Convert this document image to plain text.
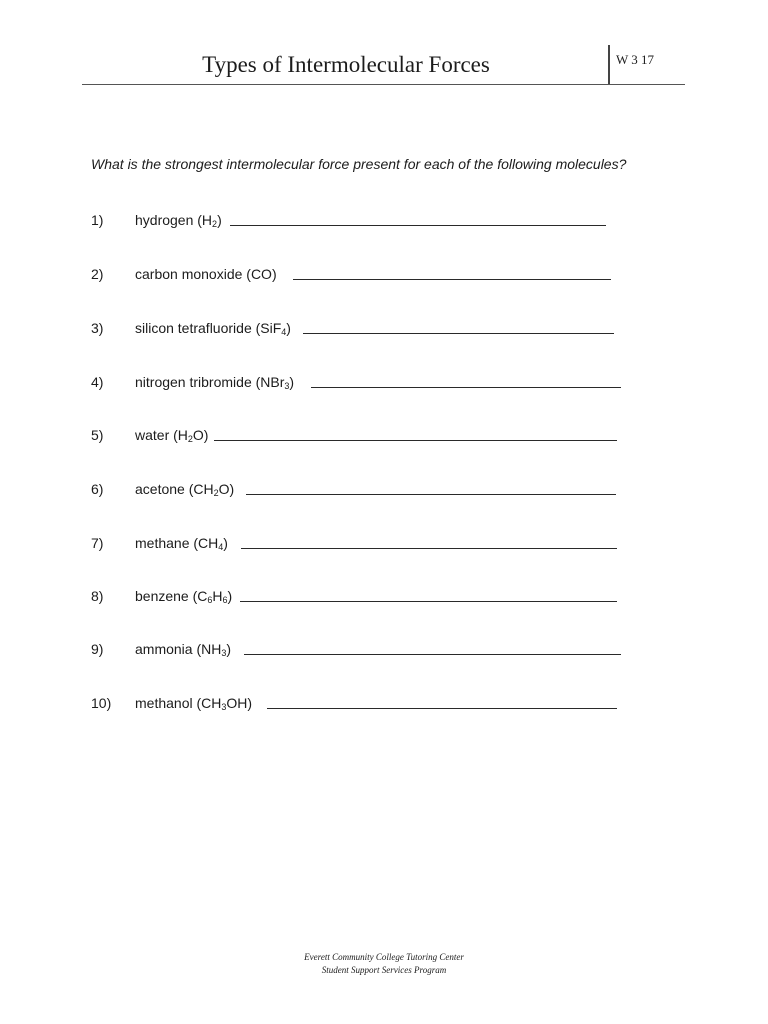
Types of Intermolecular Forces	W 3 17
What is the strongest intermolecular force present for each of the following molecules?
1) hydrogen $(H_2)$
2) carbon monoxide (CO)
3) silicon tetrafluoride (SiF$_4$)
4) nitrogen tribromide (NBr$_3$)
5) water $(H_2O)$
6) acetone $(CH_2O)$
7) methane $(CH_4)$
8) benzene $(C_6H_6)$
9) ammonia $(NH_3)$
10) methanol $(CH_3OH)$
Everett Community College Tutoring Center
Student Support Services Program
